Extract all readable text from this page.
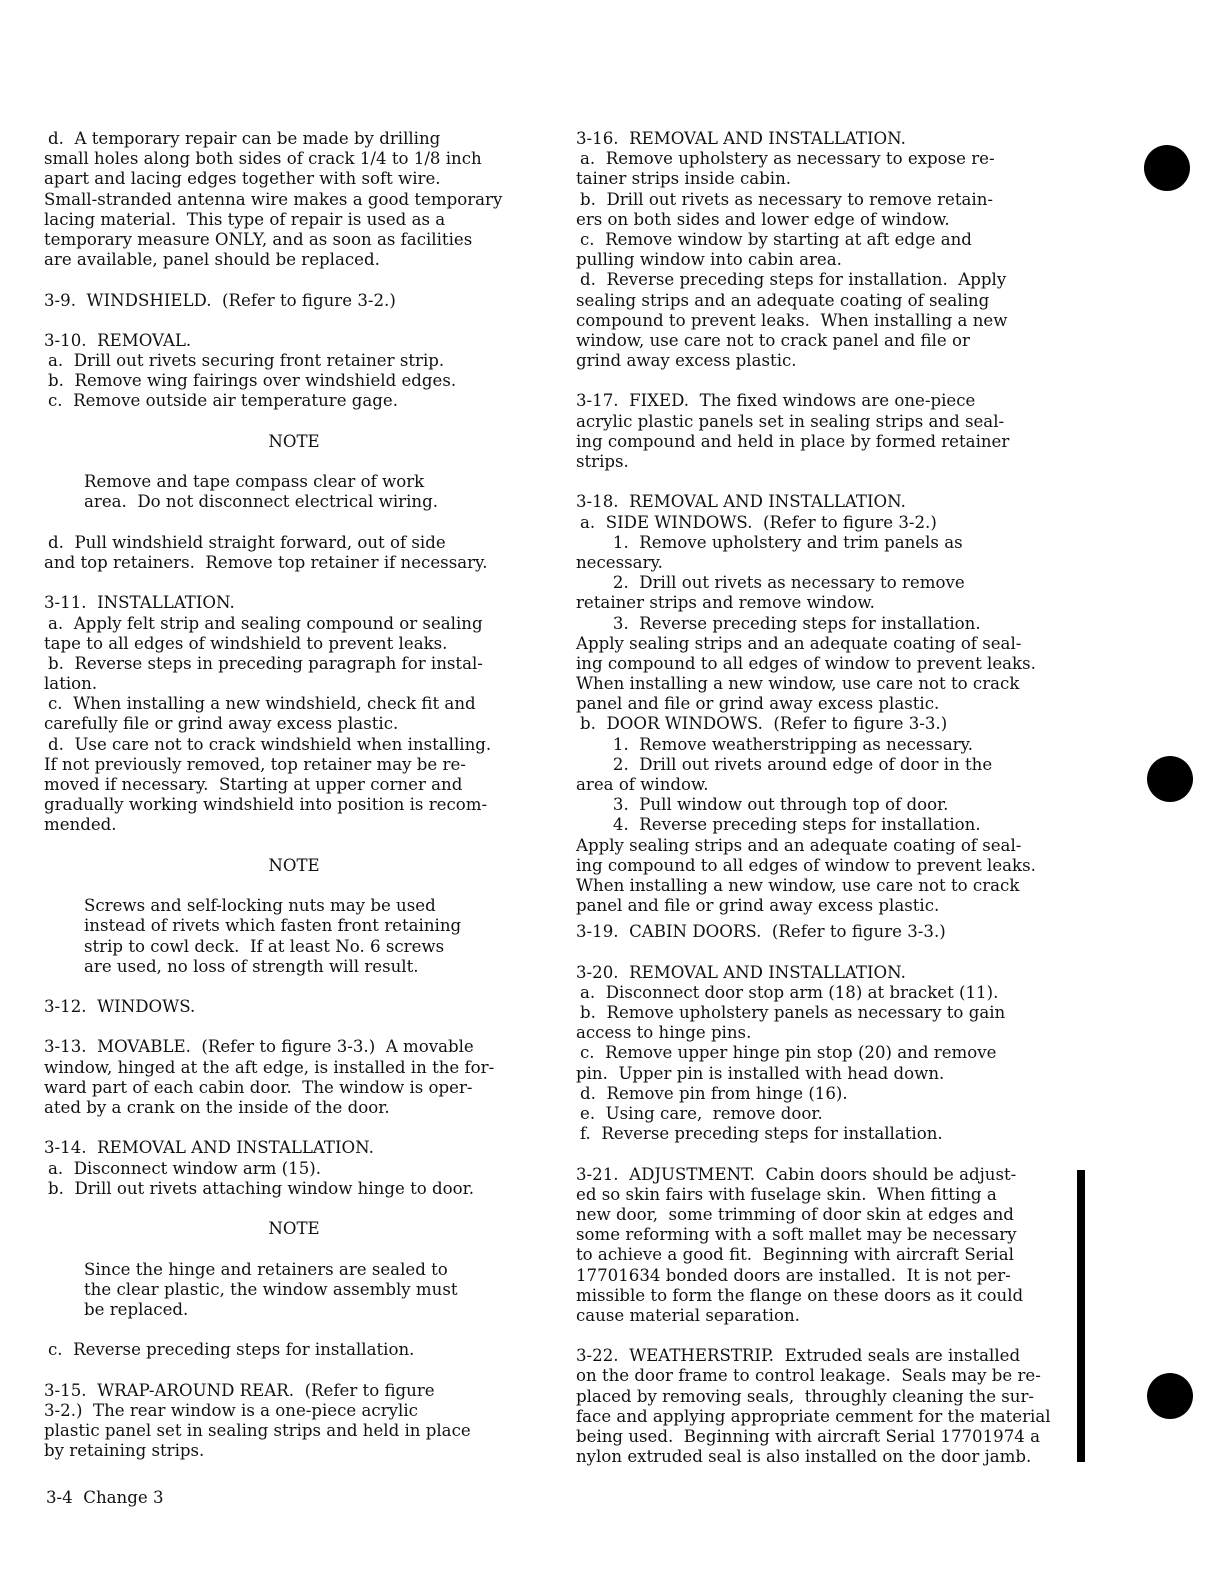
d.  A temporary repair can be made by drilling
small holes along both sides of crack 1/4 to 1/8 inch
apart and lacing edges together with soft wire.
Small-stranded antenna wire makes a good temporary
lacing material.  This type of repair is used as a
temporary measure ONLY, and as soon as facilities
are available, panel should be replaced.
3-9.  WINDSHIELD.  (Refer to figure 3-2.)
3-10.  REMOVAL.
a.  Drill out rivets securing front retainer strip.
b.  Remove wing fairings over windshield edges.
c.  Remove outside air temperature gage.
NOTE
Remove and tape compass clear of work
area.  Do not disconnect electrical wiring.
d.  Pull windshield straight forward, out of side
and top retainers.  Remove top retainer if necessary.
3-11.  INSTALLATION.
a.  Apply felt strip and sealing compound or sealing
tape to all edges of windshield to prevent leaks.
b.  Reverse steps in preceding paragraph for instal-
lation.
c.  When installing a new windshield, check fit and
carefully file or grind away excess plastic.
d.  Use care not to crack windshield when installing.
If not previously removed, top retainer may be re-
moved if necessary.  Starting at upper corner and
gradually working windshield into position is recom-
mended.
NOTE
Screws and self-locking nuts may be used
instead of rivets which fasten front retaining
strip to cowl deck.  If at least No. 6 screws
are used, no loss of strength will result.
3-12.  WINDOWS.
3-13.  MOVABLE.  (Refer to figure 3-3.)  A movable
window, hinged at the aft edge, is installed in the for-
ward part of each cabin door.  The window is oper-
ated by a crank on the inside of the door.
3-14.  REMOVAL AND INSTALLATION.
a.  Disconnect window arm (15).
b.  Drill out rivets attaching window hinge to door.
NOTE
Since the hinge and retainers are sealed to
the clear plastic, the window assembly must
be replaced.
c.  Reverse preceding steps for installation.
3-15.  WRAP-AROUND REAR.  (Refer to figure
3-2.)  The rear window is a one-piece acrylic
plastic panel set in sealing strips and held in place
by retaining strips.
3-16.  REMOVAL AND INSTALLATION.
a.  Remove upholstery as necessary to expose re-
tainer strips inside cabin.
b.  Drill out rivets as necessary to remove retain-
ers on both sides and lower edge of window.
c.  Remove window by starting at aft edge and
pulling window into cabin area.
d.  Reverse preceding steps for installation.  Apply
sealing strips and an adequate coating of sealing
compound to prevent leaks.  When installing a new
window, use care not to crack panel and file or
grind away excess plastic.
3-17.  FIXED.  The fixed windows are one-piece
acrylic plastic panels set in sealing strips and seal-
ing compound and held in place by formed retainer
strips.
3-18.  REMOVAL AND INSTALLATION.
a.  SIDE WINDOWS.  (Refer to figure 3-2.)
1.  Remove upholstery and trim panels as
necessary.
2.  Drill out rivets as necessary to remove
retainer strips and remove window.
3.  Reverse preceding steps for installation.
Apply sealing strips and an adequate coating of seal-
ing compound to all edges of window to prevent leaks.
When installing a new window, use care not to crack
panel and file or grind away excess plastic.
b.  DOOR WINDOWS.  (Refer to figure 3-3.)
1.  Remove weatherstripping as necessary.
2.  Drill out rivets around edge of door in the
area of window.
3.  Pull window out through top of door.
4.  Reverse preceding steps for installation.
Apply sealing strips and an adequate coating of seal-
ing compound to all edges of window to prevent leaks.
When installing a new window, use care not to crack
panel and file or grind away excess plastic.
3-19.  CABIN DOORS.  (Refer to figure 3-3.)
3-20.  REMOVAL AND INSTALLATION.
a.  Disconnect door stop arm (18) at bracket (11).
b.  Remove upholstery panels as necessary to gain
access to hinge pins.
c.  Remove upper hinge pin stop (20) and remove
pin.  Upper pin is installed with head down.
d.  Remove pin from hinge (16).
e.  Using care,  remove door.
f.  Reverse preceding steps for installation.
3-21.  ADJUSTMENT.  Cabin doors should be adjust-
ed so skin fairs with fuselage skin.  When fitting a
new door,  some trimming of door skin at edges and
some reforming with a soft mallet may be necessary
to achieve a good fit.  Beginning with aircraft Serial
17701634 bonded doors are installed.  It is not per-
missible to form the flange on these doors as it could
cause material separation.
3-22.  WEATHERSTRIP.  Extruded seals are installed
on the door frame to control leakage.  Seals may be re-
placed by removing seals,  throughly cleaning the sur-
face and applying appropriate cemment for the material
being used.  Beginning with aircraft Serial 17701974 a
nylon extruded seal is also installed on the door jamb.
3-4  Change 3
